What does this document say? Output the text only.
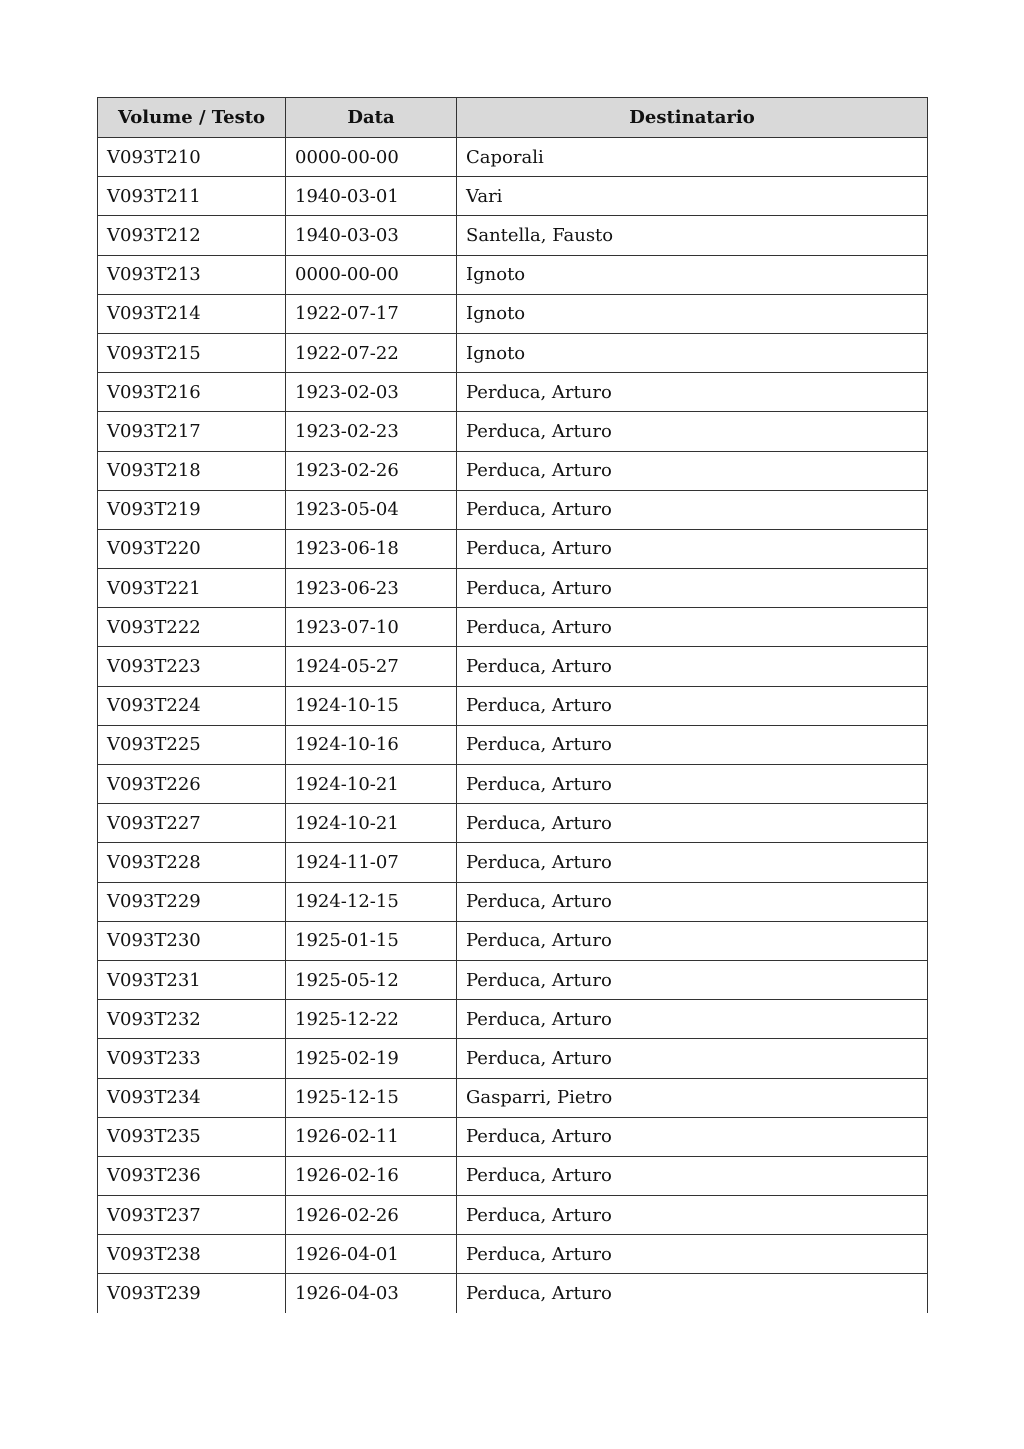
Volume / Testo	Data	Destinatario
V093T210	0000-00-00	Caporali
V093T211	1940-03-01	Vari
V093T212	1940-03-03	Santella, Fausto
V093T213	0000-00-00	Ignoto
V093T214	1922-07-17	Ignoto
V093T215	1922-07-22	Ignoto
V093T216	1923-02-03	Perduca, Arturo
V093T217	1923-02-23	Perduca, Arturo
V093T218	1923-02-26	Perduca, Arturo
V093T219	1923-05-04	Perduca, Arturo
V093T220	1923-06-18	Perduca, Arturo
V093T221	1923-06-23	Perduca, Arturo
V093T222	1923-07-10	Perduca, Arturo
V093T223	1924-05-27	Perduca, Arturo
V093T224	1924-10-15	Perduca, Arturo
V093T225	1924-10-16	Perduca, Arturo
V093T226	1924-10-21	Perduca, Arturo
V093T227	1924-10-21	Perduca, Arturo
V093T228	1924-11-07	Perduca, Arturo
V093T229	1924-12-15	Perduca, Arturo
V093T230	1925-01-15	Perduca, Arturo
V093T231	1925-05-12	Perduca, Arturo
V093T232	1925-12-22	Perduca, Arturo
V093T233	1925-02-19	Perduca, Arturo
V093T234	1925-12-15	Gasparri, Pietro
V093T235	1926-02-11	Perduca, Arturo
V093T236	1926-02-16	Perduca, Arturo
V093T237	1926-02-26	Perduca, Arturo
V093T238	1926-04-01	Perduca, Arturo
V093T239	1926-04-03	Perduca, Arturo
